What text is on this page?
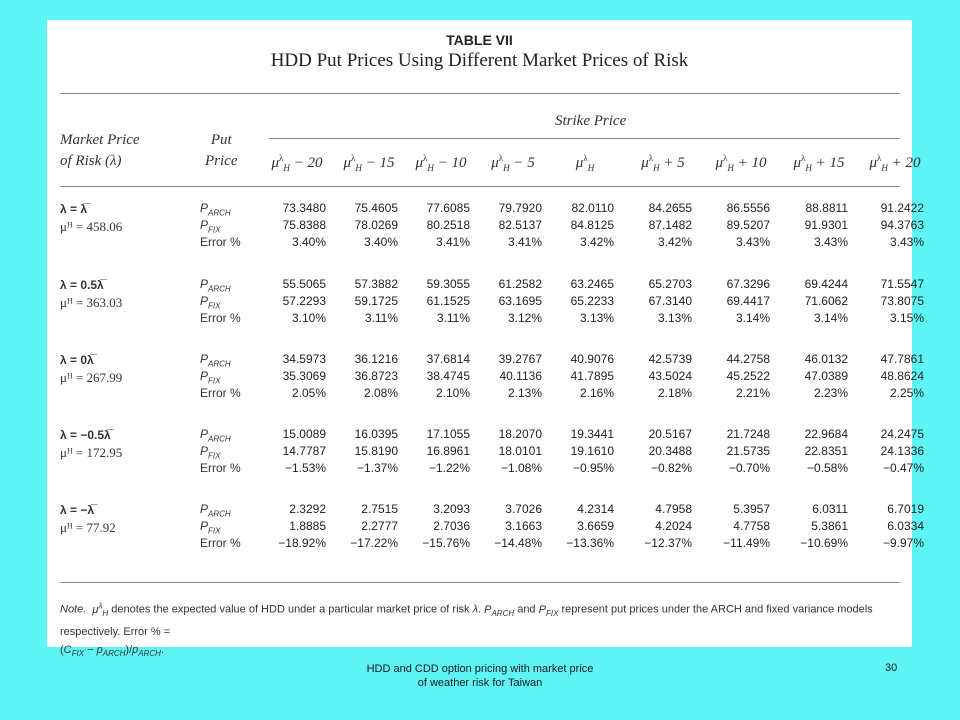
TABLE VII
HDD Put Prices Using Different Market Prices of Risk
Market Price
of Risk (λ)
Put
Price
Strike Price
$\mu^\lambda_H - 20$	$\mu^\lambda_H - 15$	$\mu^\lambda_H - 10$	$\mu^\lambda_H - 5$	$\mu^\lambda_H$	$\mu^\lambda_H + 5$	$\mu^\lambda_H + 10$	$\mu^\lambda_H + 15$	$\mu^\lambda_H + 20$
λ = λ̅
μᴴ = 458.06
$P_{ARCH}$	73.3480	75.4605	77.6085	79.7920	82.0110	84.2655	86.5556	88.8811	91.2422
$P_{FIX}$	75.8388	78.0269	80.2518	82.5137	84.8125	87.1482	89.5207	91.9301	94.3763
Error %	3.40%	3.40%	3.41%	3.41%	3.42%	3.42%	3.43%	3.43%	3.43%
λ = 0.5λ̅
μᴴ = 363.03
$P_{ARCH}$	55.5065	57.3882	59.3055	61.2582	63.2465	65.2703	67.3296	69.4244	71.5547
$P_{FIX}$	57.2293	59.1725	61.1525	63.1695	65.2233	67.3140	69.4417	71.6062	73.8075
Error %	3.10%	3.11%	3.11%	3.12%	3.13%	3.13%	3.14%	3.14%	3.15%
λ = 0λ̅
μᴴ = 267.99
$P_{ARCH}$	34.5973	36.1216	37.6814	39.2767	40.9076	42.5739	44.2758	46.0132	47.7861
$P_{FIX}$	35.3069	36.8723	38.4745	40.1136	41.7895	43.5024	45.2522	47.0389	48.8624
Error %	2.05%	2.08%	2.10%	2.13%	2.16%	2.18%	2.21%	2.23%	2.25%
λ = −0.5λ̅
μᴴ = 172.95
$P_{ARCH}$	15.0089	16.0395	17.1055	18.2070	19.3441	20.5167	21.7248	22.9684	24.2475
$P_{FIX}$	14.7787	15.8190	16.8961	18.0101	19.1610	20.3488	21.5735	22.8351	24.1336
Error %	−1.53%	−1.37%	−1.22%	−1.08%	−0.95%	−0.82%	−0.70%	−0.58%	−0.47%
λ = −λ̅
μᴴ = 77.92
$P_{ARCH}$	2.3292	2.7515	3.2093	3.7026	4.2314	4.7958	5.3957	6.0311	6.7019
$P_{FIX}$	1.8885	2.2777	2.7036	3.1663	3.6659	4.2024	4.7758	5.3861	6.0334
Error %	−18.92%	−17.22%	−15.76%	−14.48%	−13.36%	−12.37%	−11.49%	−10.69%	−9.97%
Note. $\mu^\lambda_H$ denotes the expected value of HDD under a particular market price of risk λ. $P_{ARCH}$ and $P_{FIX}$ represent put prices under the ARCH and fixed variance models respectively. Error % =
$(C_{FIX} - p_{ARCH})/p_{ARCH}$.
HDD and CDD option pricing with market price
of weather risk for Taiwan
30
